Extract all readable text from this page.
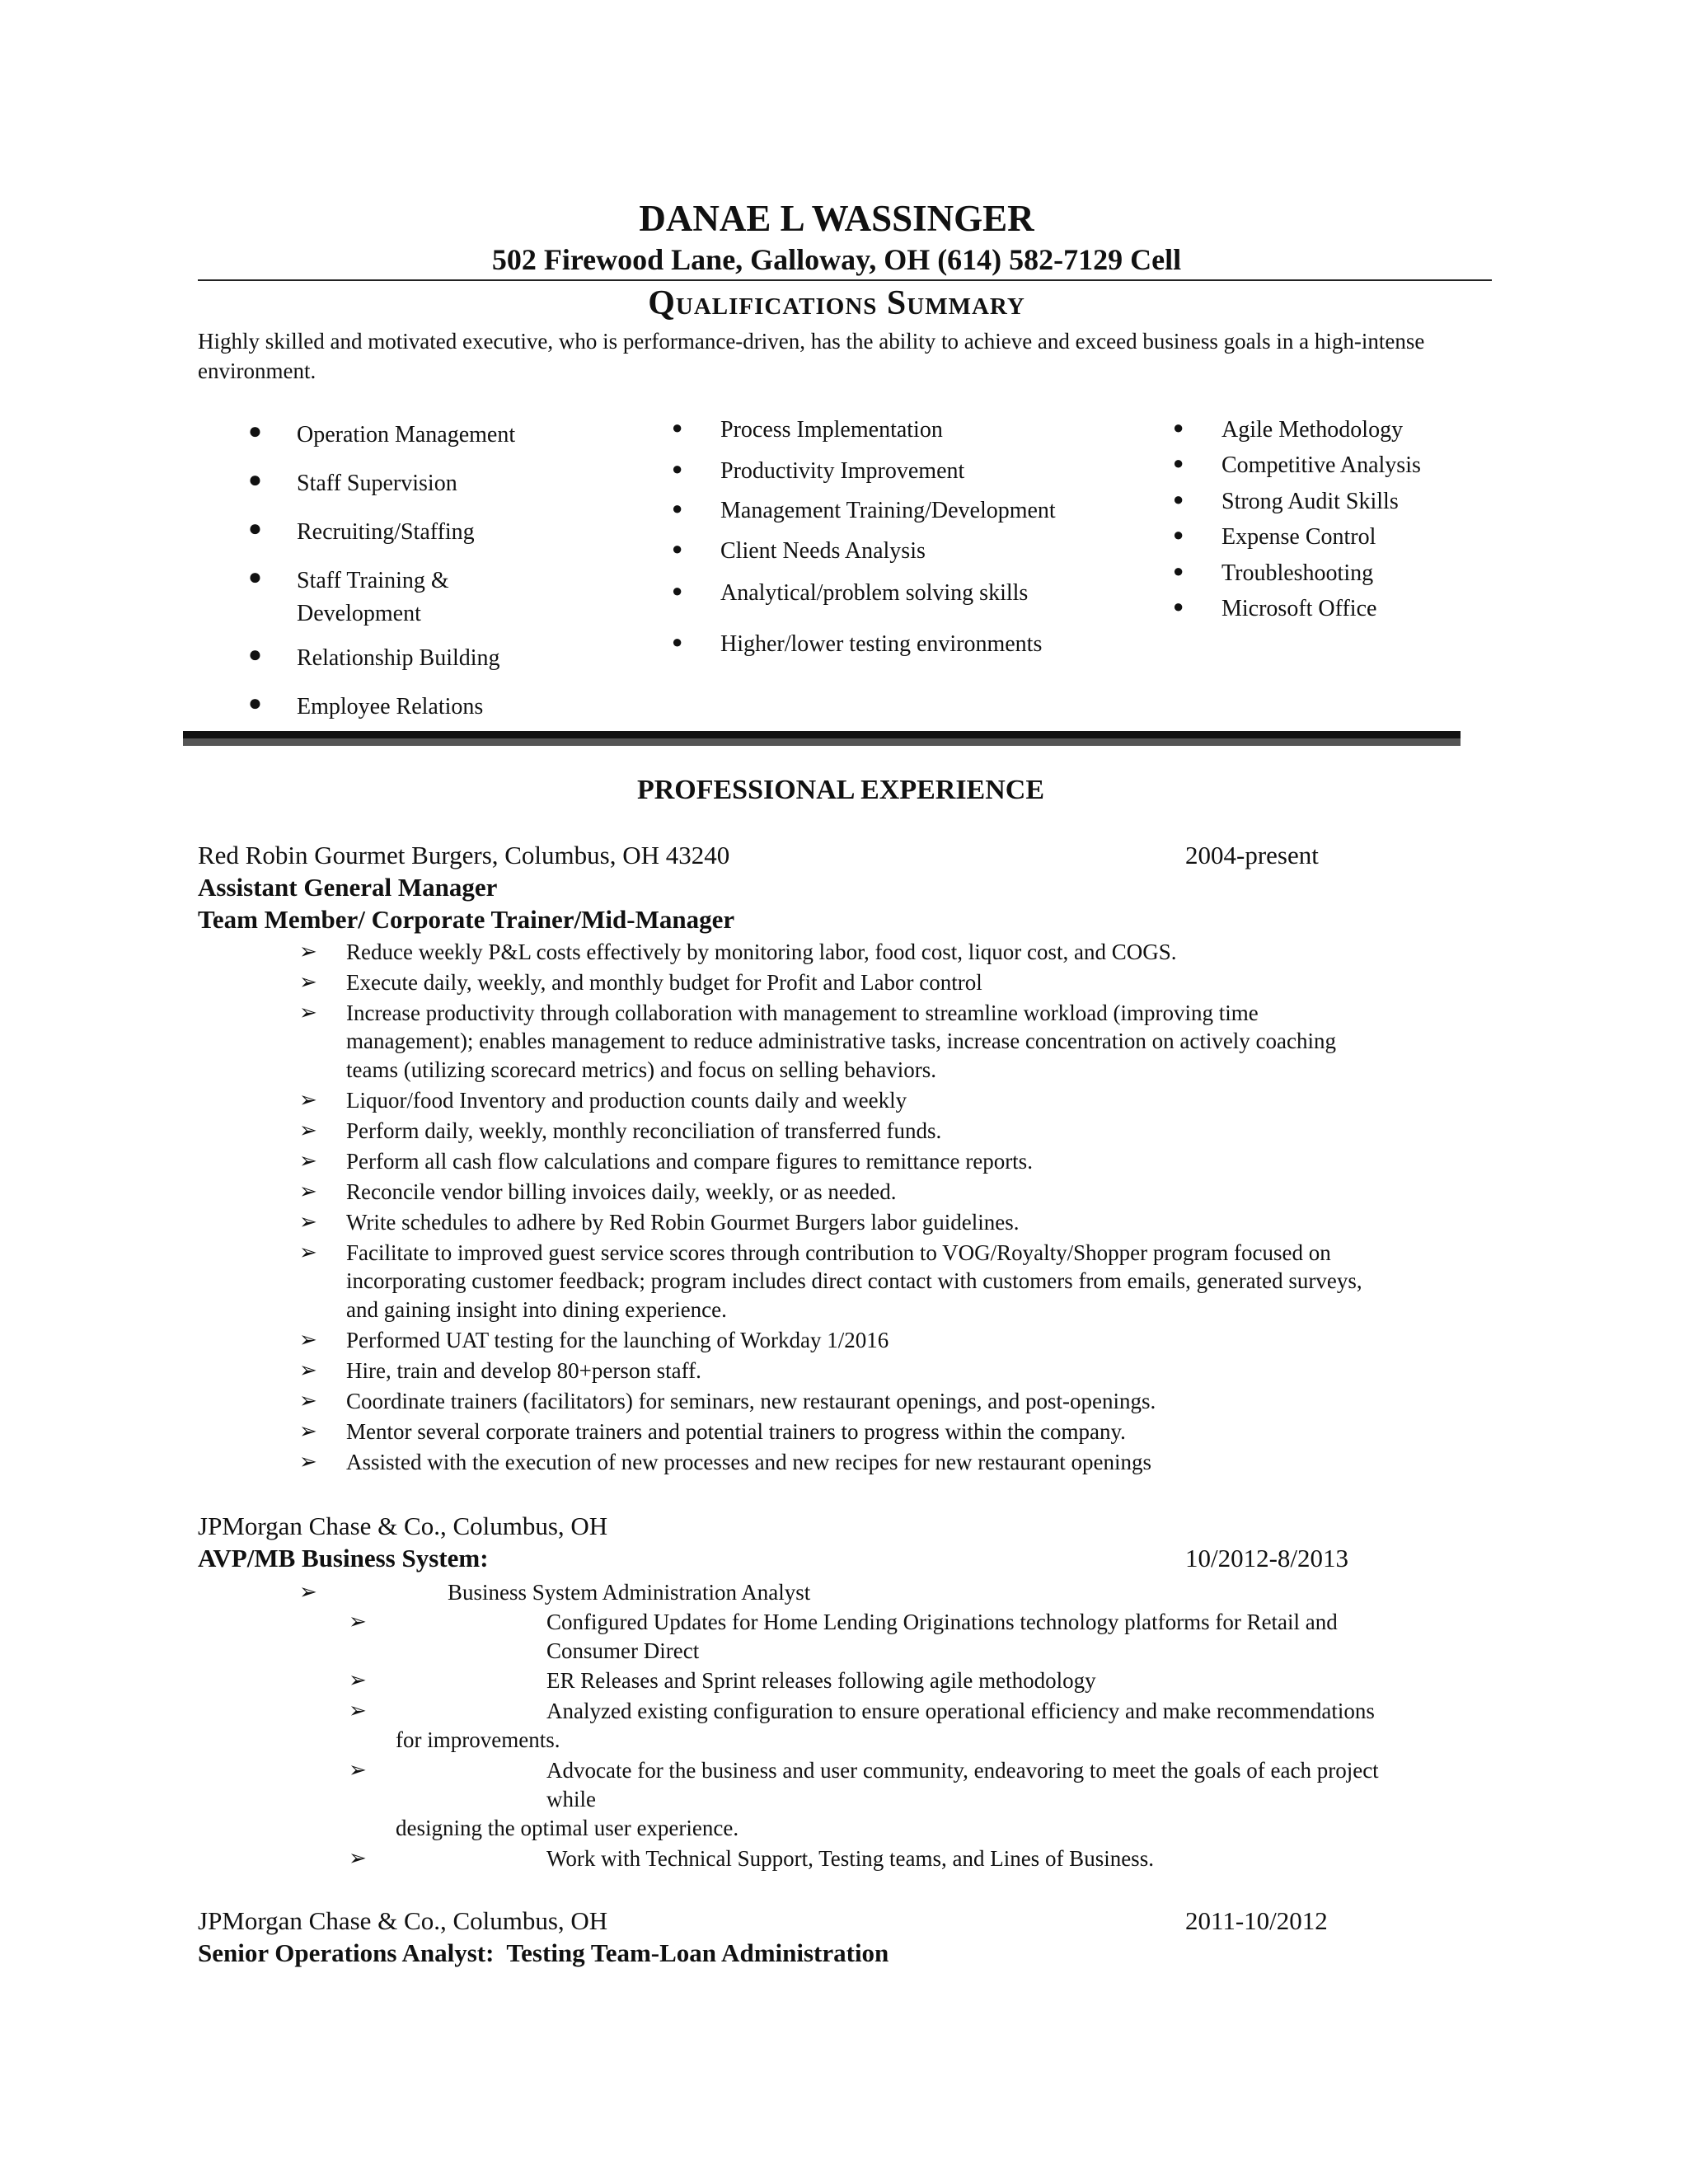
DANAE L WASSINGER
502 Firewood Lane, Galloway, OH (614) 582-7129 Cell
Qualifications Summary
Highly skilled and motivated executive, who is performance-driven, has the ability to achieve and exceed business goals in a high-intense environment.
● Operation Management
● Staff Supervision
● Recruiting/Staffing
● Staff Training &
Development
● Relationship Building
● Employee Relations
● Process Implementation
● Productivity Improvement
● Management Training/Development
● Client Needs Analysis
● Analytical/problem solving skills
● Higher/lower testing environments
● Agile Methodology
● Competitive Analysis
● Strong Audit Skills
● Expense Control
● Troubleshooting
● Microsoft Office
PROFESSIONAL EXPERIENCE
Red Robin Gourmet Burgers, Columbus, OH 43240	2004-present
Assistant General Manager
Team Member/ Corporate Trainer/Mid-Manager
➢ Reduce weekly P&L costs effectively by monitoring labor, food cost, liquor cost, and COGS.
➢ Execute daily, weekly, and monthly budget for Profit and Labor control
➢ Increase productivity through collaboration with management to streamline workload (improving time
management); enables management to reduce administrative tasks, increase concentration on actively coaching
teams (utilizing scorecard metrics) and focus on selling behaviors.
➢ Liquor/food Inventory and production counts daily and weekly
➢ Perform daily, weekly, monthly reconciliation of transferred funds.
➢ Perform all cash flow calculations and compare figures to remittance reports.
➢ Reconcile vendor billing invoices daily, weekly, or as needed.
➢ Write schedules to adhere by Red Robin Gourmet Burgers labor guidelines.
➢ Facilitate to improved guest service scores through contribution to VOG/Royalty/Shopper program focused on
incorporating customer feedback; program includes direct contact with customers from emails, generated surveys,
and gaining insight into dining experience.
➢ Performed UAT testing for the launching of Workday 1/2016
➢ Hire, train and develop 80+person staff.
➢ Coordinate trainers (facilitators) for seminars, new restaurant openings, and post-openings.
➢ Mentor several corporate trainers and potential trainers to progress within the company.
➢ Assisted with the execution of new processes and new recipes for new restaurant openings
JPMorgan Chase & Co., Columbus, OH
AVP/MB Business System:	10/2012-8/2013
➢	Business System Administration Analyst
➢	Configured Updates for Home Lending Originations technology platforms for Retail and
Consumer Direct
➢	ER Releases and Sprint releases following agile methodology
➢	Analyzed existing configuration to ensure operational efficiency and make recommendations
for improvements.
➢	Advocate for the business and user community, endeavoring to meet the goals of each project
while
designing the optimal user experience.
➢	Work with Technical Support, Testing teams, and Lines of Business.
JPMorgan Chase & Co., Columbus, OH	2011-10/2012
Senior Operations Analyst:  Testing Team-Loan Administration
